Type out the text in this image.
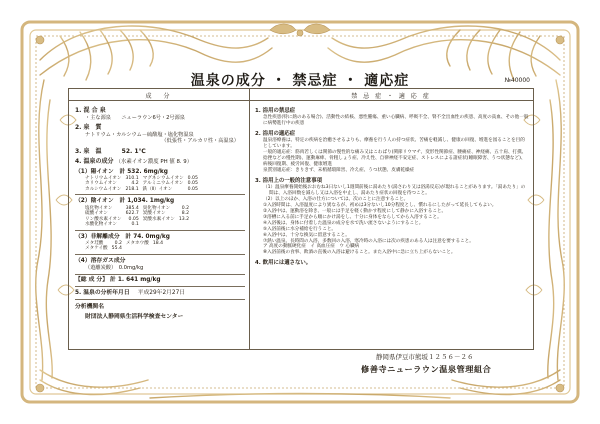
温泉の成分 ・ 禁忌症 ・ 適応症	№40000
成　分	禁 忌 症 ・ 適 応 症
1. 混 合 泉
・主な源泉　　ニューラウン6号・2号源泉
2. 泉　質
ナトリウム・カルシウム－硫酸塩・塩化物温泉
（低張性・アルカリ性・高温泉）
3. 泉　温	52. 1℃
4. 温泉の成分 （水素イオン濃度 PH 値 8. 9）
（1）陽イオン　計 532. 6mg/kg
ナトリウムイオン	310.1	マグネシウムイオン	0.05
カリウムイオン	4.2	アルミニウムイオン	0.05
カルシウムイオン	218.1	鉄（Ⅱ）イオン	0.05
（2）陰イオン　計 1,034. 1mg/kg
塩化物イオン	385.4	臭化物イオン	0.2
硫酸イオン	622.7	炭酸イオン	8.2
リン酸水素イオン	0.05	炭酸水素イオン	13.2
水酸化物イオン	0.1		
（3）非解離成分　計 74. 0mg/kg
メタ珪酸	0.2	メタホウ酸	18.4
メタケイ酸	55.4		
（4）溶存ガス成分
（遊離炭酸）　0.0mg/kg
【総 成 分】 計 1. 641 mg/kg
5. 温泉の分析年月日 平成29年2月27日
分析機関名
財団法人静岡県生活科学検査センター
1. 浴用の禁忌症
急性疾患(特に熱のある場合)、活動性の結核、悪性腫瘍、重い心臓病、呼吸不全、腎不全出血性の疾患、高度の貧血、その他一般に病勢進行中の疾患
2. 浴用の適応症
温泉浴療養は、特定の疾病を治癒させるよりも、療養を行う人の持つ症状、苦痛を軽減し、健康の回復、増進を図ることを目的としています。
一般的適応症：筋肉若しくは関節の慢性的な痛み又はこわばり(関節リウマチ、変形性関節症、腰痛症、神経痛、五十肩、打撲、捻挫などの慢性期)、運動麻痺、骨粗しょう症、冷え性、自律神経不安定症、ストレスによる諸症状(睡眠障害、うつ状態など)、病後回復期、疲労回復、健康増進
泉質別適応症：きりきず、末梢循環障害、冷え症、うつ状態、皮膚乾燥症
3. 浴用上の一般的注意事項
（1）温泉療養開始後おおむね3日ないし1週間前後に湯あたり(湯さわり又は浴湯反応)が現れることがあります。「湯あたり」の間は、入浴回数を減らし又は入浴を中止し、湯あたり症状の回復を待つこと。
（2）以上のほか、入浴の仕方については、次のことに注意すること。
①入浴時間は、入浴温度により異なるが、初めは3分ないし10分程度とし、慣れるにしたがって延長してもよい。
②入浴中は、運動浴を除き、一般には手足を軽く動かす程度にして静かに入浴すること。
③浴槽に入る前に手足から順にかけ湯をし、十分に身体をならしてから入浴すること。
④入浴後は、身体に付着した温泉の成分を水で洗い流さないようにすること。
⑤入浴前後に水分補給を行うこと。
⑥入浴中は、十分な換気に留意すること。
⑦熱い温泉、長時間の入浴、多数回の入浴、寒冷時の入浴には次の疾患のある人は注意を要すること。
ア 高度の動脈硬化症　イ 高血圧症　ウ 心臓病
⑧入浴前後の食事、飲酒の直後の入浴は避けること。また入浴中に急に立ち上がらないこと。
4. 飲用には適さない。
静岡県伊豆市熊坂１２５６－２６
修善寺ニューラウン温泉管理組合
